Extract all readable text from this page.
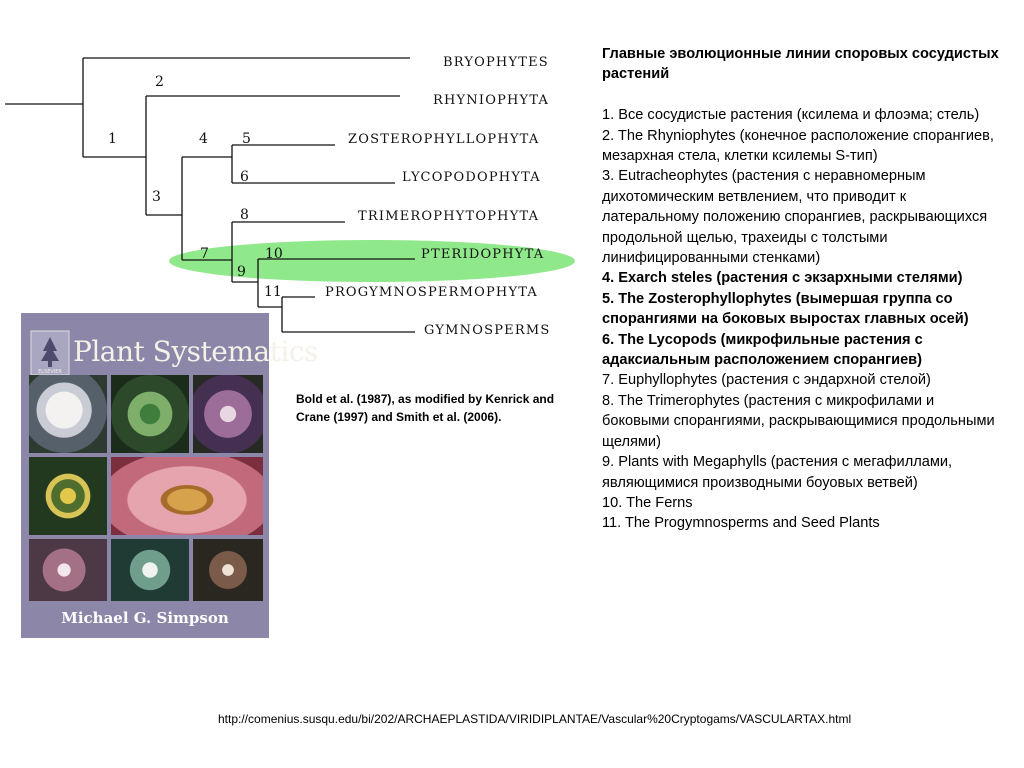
1
2
3
4 5
6
7
8
9
10
11
BRYOPHYTES
RHYNIOPHYTA
ZOSTEROPHYLLOPHYTA
LYCOPODOPHYTA
TRIMEROPHYTOPHYTA
PTERIDOPHYTA
PROGYMNOSPERMOPHYTA
GYMNOSPERMS
ELSEVIER
Plant Systematics
Michael G. Simpson
Bold et al. (1987), as modified by Kenrick and Crane (1997) and Smith et al. (2006).

Главные эволюционные линии споровых сосудистых растений

1. Все сосудистые растения (ксилема и флоэма; стель)

2. The Rhyniophytes (конечное расположение спорангиев, мезархная стела, клетки ксилемы S-тип)

3. Eutracheophytes (растения с неравномерным дихотомическим ветвлением, что приводит к латеральному положению спорангиев, раскрывающихся продольной щелью, трахеиды с толстыми линифицированными стенками)

4. Exarch steles (растения с экзархными стелями)

5. The Zosterophyllophytes (вымершая группа со спорангиями на боковых выростах главных осей)

6. The Lycopods (микрофильные растения с адаксиальным расположением спорангиев)

7. Euphyllophytes (растения с эндархной стелой)

8. The Trimerophytes (растения с микрофилами и боковыми спорангиями, раскрывающимися продольными щелями)

9. Plants with Megaphylls (растения с мегафиллами, являющимися производными боуовых ветвей)

10. The Ferns

11. The Progymnosperms and Seed Plants

http://comenius.susqu.edu/bi/202/ARCHAEPLASTIDA/VIRIDIPLANTAE/Vascular%20Cryptogams/VASCULARTAX.html
